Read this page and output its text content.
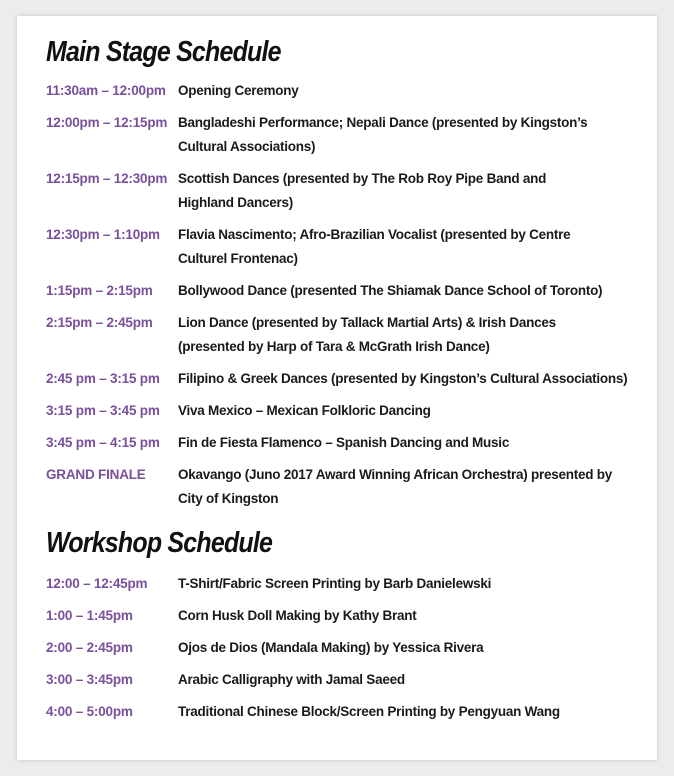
Main Stage Schedule
11:30am – 12:00pm Opening Ceremony
12:00pm – 12:15pm Bangladeshi Performance; Nepali Dance (presented by Kingston’s
Cultural Associations)
12:15pm – 12:30pm Scottish Dances (presented by The Rob Roy Pipe Band and
Highland Dancers)
12:30pm – 1:10pm	Flavia Nascimento; Afro-Brazilian Vocalist (presented by Centre
Culturel Frontenac)
1:15pm – 2:15pm	Bollywood Dance (presented The Shiamak Dance School of Toronto)
2:15pm – 2:45pm	Lion Dance (presented by Tallack Martial Arts) & Irish Dances
(presented by Harp of Tara & McGrath Irish Dance)
2:45 pm – 3:15 pm	Filipino & Greek Dances (presented by Kingston’s Cultural Associations)
3:15 pm – 3:45 pm	Viva Mexico – Mexican Folkloric Dancing
3:45 pm – 4:15 pm	Fin de Fiesta Flamenco – Spanish Dancing and Music
GRAND FINALE	Okavango (Juno 2017 Award Winning African Orchestra) presented by
City of Kingston
Workshop Schedule
12:00 – 12:45pm	T-Shirt/Fabric Screen Printing by Barb Danielewski
1:00 – 1:45pm	Corn Husk Doll Making by Kathy Brant
2:00 – 2:45pm	Ojos de Dios (Mandala Making) by Yessica Rivera
3:00 – 3:45pm	Arabic Calligraphy with Jamal Saeed
4:00 – 5:00pm	Traditional Chinese Block/Screen Printing by Pengyuan Wang
